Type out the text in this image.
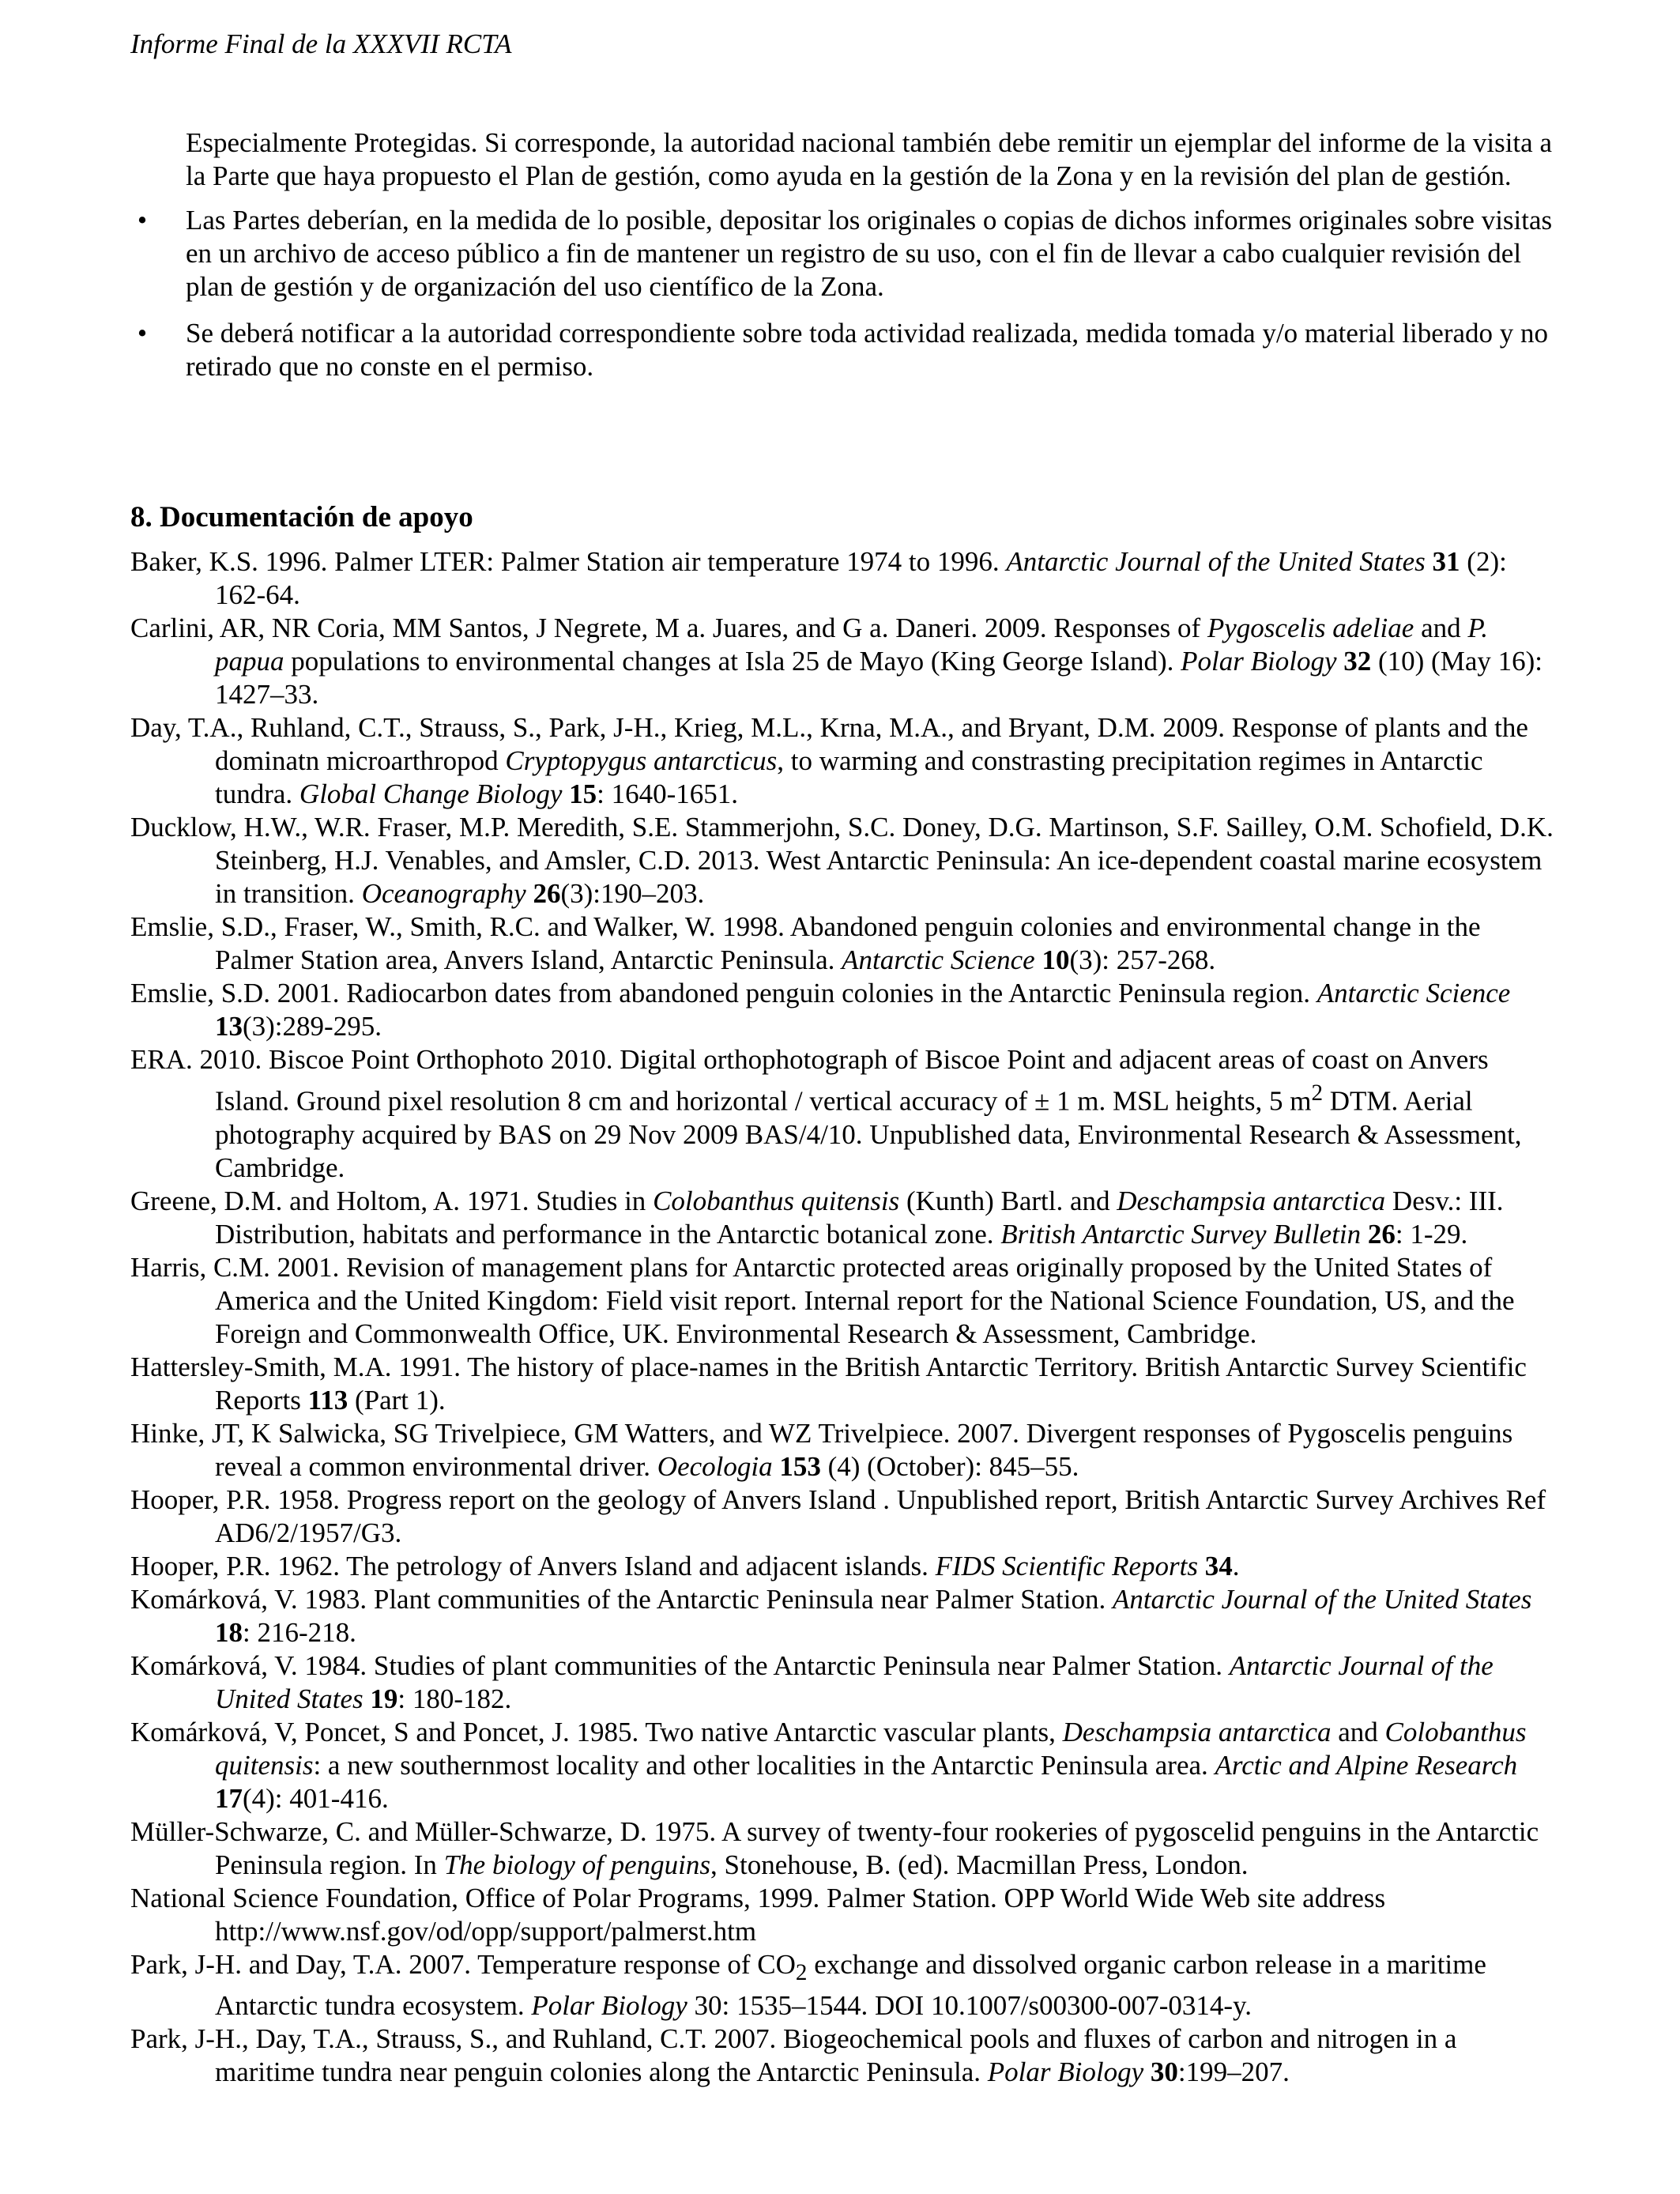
Informe Final de la XXXVII RCTA

Especialmente Protegidas. Si corresponde, la autoridad nacional también debe remitir un ejemplar del informe de la visita a la Parte que haya propuesto el Plan de gestión, como ayuda en la gestión de la Zona y en la revisión del plan de gestión.

• Las Partes deberían, en la medida de lo posible, depositar los originales o copias de dichos informes originales sobre visitas en un archivo de acceso público a fin de mantener un registro de su uso, con el fin de llevar a cabo cualquier revisión del plan de gestión y de organización del uso científico de la Zona.
• Se deberá notificar a la autoridad correspondiente sobre toda actividad realizada, medida tomada y/o material liberado y no retirado que no conste en el permiso.
8. Documentación de apoyo
Baker, K.S. 1996. Palmer LTER: Palmer Station air temperature 1974 to 1996. Antarctic Journal of the United States 31 (2): 162-64.
Carlini, AR, NR Coria, MM Santos, J Negrete, M a. Juares, and G a. Daneri. 2009. Responses of Pygoscelis adeliae and P. papua populations to environmental changes at Isla 25 de Mayo (King George Island). Polar Biology 32 (10) (May 16): 1427–33.
Day, T.A., Ruhland, C.T., Strauss, S., Park, J-H., Krieg, M.L., Krna, M.A., and Bryant, D.M. 2009. Response of plants and the dominatn microarthropod Cryptopygus antarcticus, to warming and constrasting precipitation regimes in Antarctic tundra. Global Change Biology 15: 1640-1651.
Ducklow, H.W., W.R. Fraser, M.P. Meredith, S.E. Stammerjohn, S.C. Doney, D.G. Martinson, S.F. Sailley, O.M. Schofield, D.K. Steinberg, H.J. Venables, and Amsler, C.D. 2013. West Antarctic Peninsula: An ice-dependent coastal marine ecosystem in transition. Oceanography 26(3):190–203.
Emslie, S.D., Fraser, W., Smith, R.C. and Walker, W. 1998. Abandoned penguin colonies and environmental change in the Palmer Station area, Anvers Island, Antarctic Peninsula. Antarctic Science 10(3): 257-268.
Emslie, S.D. 2001. Radiocarbon dates from abandoned penguin colonies in the Antarctic Peninsula region. Antarctic Science 13(3):289-295.
ERA. 2010. Biscoe Point Orthophoto 2010. Digital orthophotograph of Biscoe Point and adjacent areas of coast on Anvers Island. Ground pixel resolution 8 cm and horizontal / vertical accuracy of ± 1 m. MSL heights, 5 $m^2$ DTM. Aerial photography acquired by BAS on 29 Nov 2009 BAS/4/10. Unpublished data, Environmental Research & Assessment, Cambridge.
Greene, D.M. and Holtom, A. 1971. Studies in Colobanthus quitensis (Kunth) Bartl. and Deschampsia antarctica Desv.: III. Distribution, habitats and performance in the Antarctic botanical zone. British Antarctic Survey Bulletin 26: 1-29.
Harris, C.M. 2001. Revision of management plans for Antarctic protected areas originally proposed by the United States of America and the United Kingdom: Field visit report. Internal report for the National Science Foundation, US, and the Foreign and Commonwealth Office, UK. Environmental Research & Assessment, Cambridge.
Hattersley-Smith, M.A. 1991. The history of place-names in the British Antarctic Territory. British Antarctic Survey Scientific Reports 113 (Part 1).
Hinke, JT, K Salwicka, SG Trivelpiece, GM Watters, and WZ Trivelpiece. 2007. Divergent responses of Pygoscelis penguins reveal a common environmental driver. Oecologia 153 (4) (October): 845–55.
Hooper, P.R. 1958. Progress report on the geology of Anvers Island . Unpublished report, British Antarctic Survey Archives Ref AD6/2/1957/G3.
Hooper, P.R. 1962. The petrology of Anvers Island and adjacent islands. FIDS Scientific Reports 34.
Komárková, V. 1983. Plant communities of the Antarctic Peninsula near Palmer Station. Antarctic Journal of the United States 18: 216-218.
Komárková, V. 1984. Studies of plant communities of the Antarctic Peninsula near Palmer Station. Antarctic Journal of the United States 19: 180-182.
Komárková, V, Poncet, S and Poncet, J. 1985. Two native Antarctic vascular plants, Deschampsia antarctica and Colobanthus quitensis: a new southernmost locality and other localities in the Antarctic Peninsula area. Arctic and Alpine Research 17(4): 401-416.
Müller-Schwarze, C. and Müller-Schwarze, D. 1975. A survey of twenty-four rookeries of pygoscelid penguins in the Antarctic Peninsula region. In The biology of penguins, Stonehouse, B. (ed). Macmillan Press, London.
National Science Foundation, Office of Polar Programs, 1999. Palmer Station. OPP World Wide Web site address http://www.nsf.gov/od/opp/support/palmerst.htm
Park, J-H. and Day, T.A. 2007. Temperature response of $CO_2$ exchange and dissolved organic carbon release in a maritime Antarctic tundra ecosystem. Polar Biology 30: 1535–1544. DOI 10.1007/s00300-007-0314-y.
Park, J-H., Day, T.A., Strauss, S., and Ruhland, C.T. 2007. Biogeochemical pools and fluxes of carbon and nitrogen in a maritime tundra near penguin colonies along the Antarctic Peninsula. Polar Biology 30:199–207.
